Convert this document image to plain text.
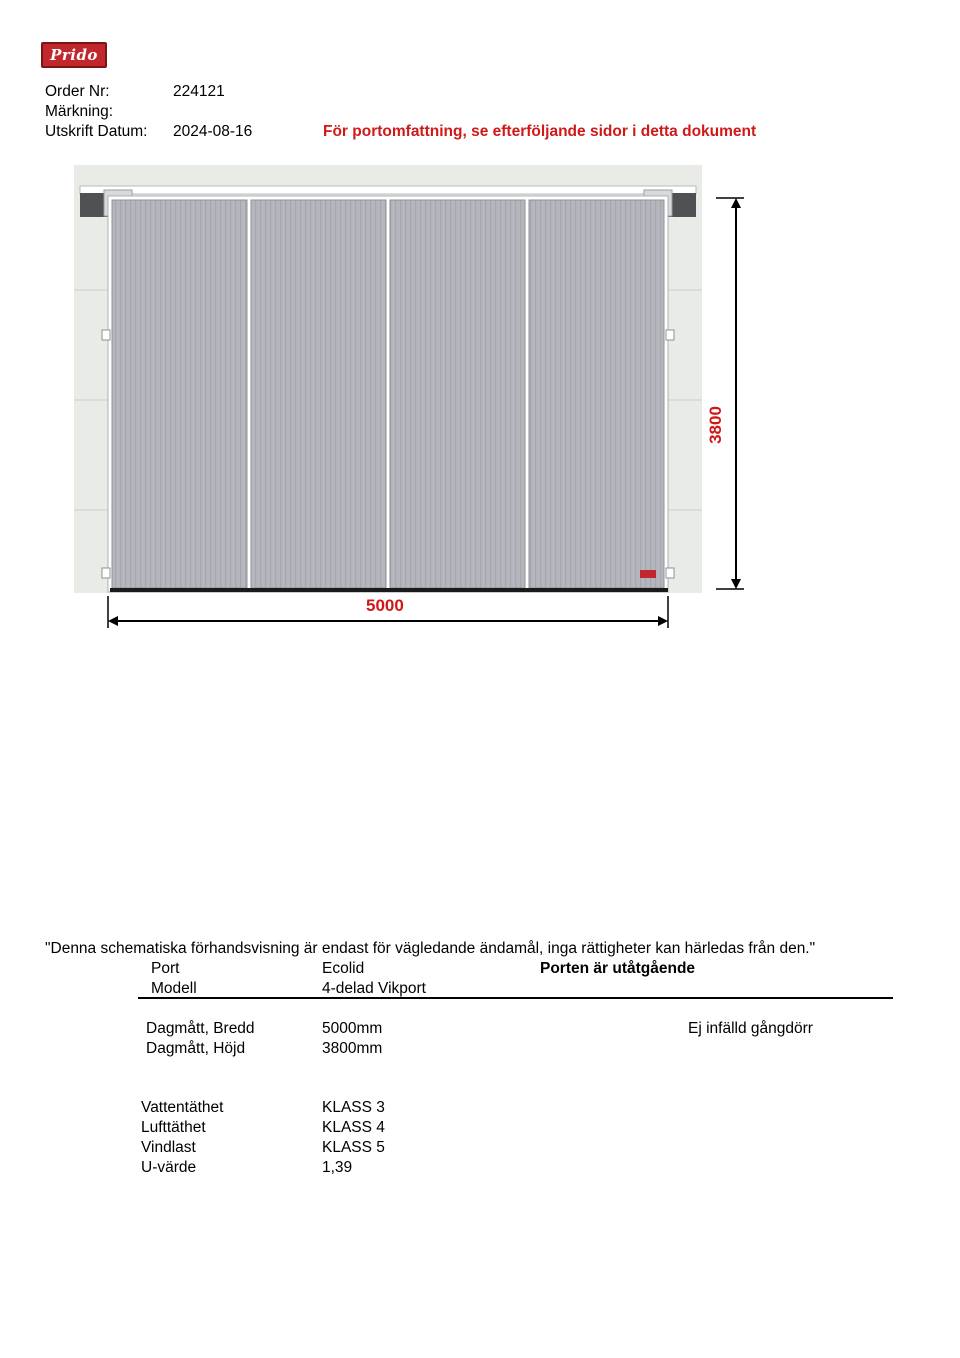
Prido
Order Nr:	224121
Märkning:
Utskrift Datum: 2024-08-16	För portomfattning, se efterföljande sidor i detta dokument
5000
3800
"Denna schematiska förhandsvisning är endast för vägledande ändamål, inga rättigheter kan härledas från den."
Port	Ecolid	Porten är utåtgående
Modell	4-delad Vikport
Dagmått, Bredd	5000mm	Ej infälld gångdörr
Dagmått, Höjd	3800mm
Vattentäthet	KLASS 3
Lufttäthet	KLASS 4
Vindlast	KLASS 5
U-värde	1,39
